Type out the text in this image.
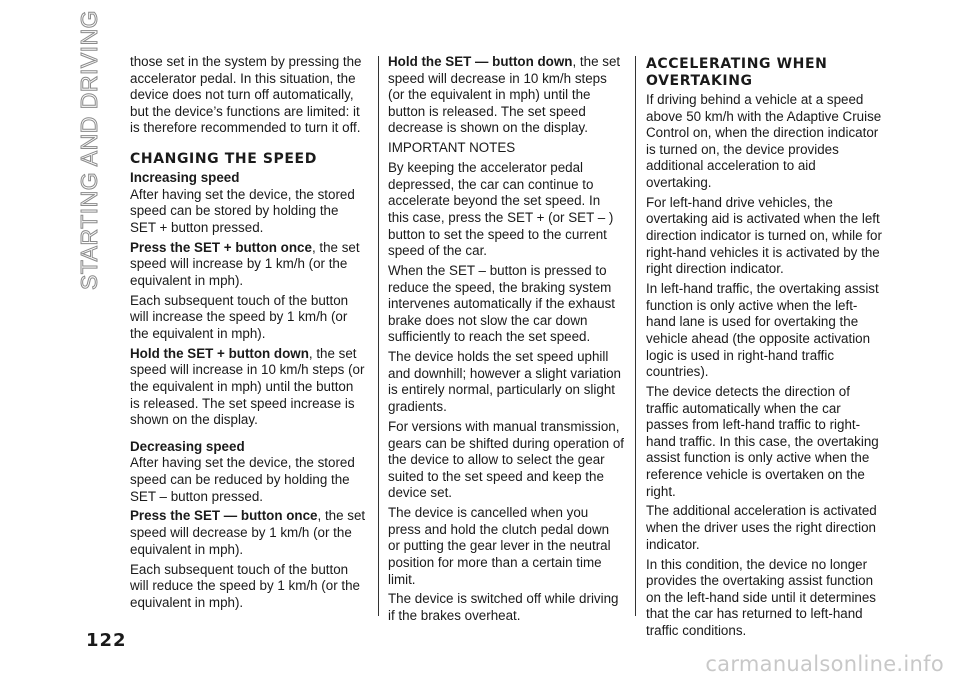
STARTING AND DRIVING those set in the system by pressing the accelerator pedal. In this situation, the device does not turn off automatically, but the device’s functions are limited: it is therefore recommended to turn it off.

CHANGING THE SPEED
Increasing speed

After having set the device, the stored speed can be stored by holding the SET + button pressed.

Press the SET + button once, the set speed will increase by 1 km/h (or the equivalent in mph).

Each subsequent touch of the button will increase the speed by 1 km/h (or the equivalent in mph).

Hold the SET + button down, the set speed will increase in 10 km/h steps (or the equivalent in mph) until the button is released. The set speed increase is shown on the display.

Decreasing speed

After having set the device, the stored speed can be reduced by holding the SET – button pressed.

Press the SET — button once, the set speed will decrease by 1 km/h (or the equivalent in mph).

Each subsequent touch of the button will reduce the speed by 1 km/h (or the equivalent in mph).

Hold the SET — button down, the set speed will decrease in 10 km/h steps (or the equivalent in mph) until the button is released. The set speed decrease is shown on the display.

IMPORTANT NOTES

By keeping the accelerator pedal depressed, the car can continue to accelerate beyond the set speed. In this case, press the SET + (or SET – ) button to set the speed to the current speed of the car.

When the SET – button is pressed to reduce the speed, the braking system intervenes automatically if the exhaust brake does not slow the car down sufficiently to reach the set speed.

The device holds the set speed uphill and downhill; however a slight variation is entirely normal, particularly on slight gradients.

For versions with manual transmission, gears can be shifted during operation of the device to allow to select the gear suited to the set speed and keep the device set.

The device is cancelled when you press and hold the clutch pedal down or putting the gear lever in the neutral position for more than a certain time limit.

The device is switched off while driving if the brakes overheat.

ACCELERATING WHEN OVERTAKING

If driving behind a vehicle at a speed above 50 km/h with the Adaptive Cruise Control on, when the direction indicator is turned on, the device provides additional acceleration to aid overtaking.

For left-hand drive vehicles, the overtaking aid is activated when the left direction indicator is turned on, while for right-hand vehicles it is activated by the right direction indicator.

In left-hand traffic, the overtaking assist function is only active when the left-hand lane is used for overtaking the vehicle ahead (the opposite activation logic is used in right-hand traffic countries).

The device detects the direction of traffic automatically when the car passes from left-hand traffic to right-hand traffic. In this case, the overtaking assist function is only active when the reference vehicle is overtaken on the right.

The additional acceleration is activated when the driver uses the right direction indicator.

In this condition, the device no longer provides the overtaking assist function on the left-hand side until it determines that the car has returned to left-hand traffic conditions.

122
carmanualsonline.info
